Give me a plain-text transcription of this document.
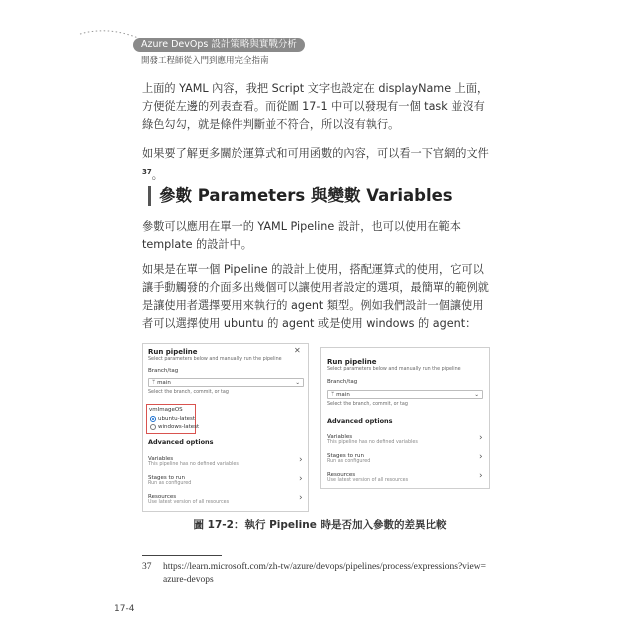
Azure DevOps 設計策略與實戰分析
開發工程師從入門到應用完全指南

上面的 YAML 內容，我把 Script 文字也設定在 displayName 上面，方便從左邊的列表查看。而從圖 17-1 中可以發現有一個 task 並沒有綠色勾勾，就是條件判斷並不符合，所以沒有執行。

如果要了解更多關於運算式和可用函數的內容，可以看一下官網的文件 $^{37}$。

參數 Parameters 與變數 Variables

參數可以應用在單一的 YAML Pipeline 設計，也可以使用在範本 template 的設計中。

如果是在單一個 Pipeline 的設計上使用，搭配運算式的使用，它可以讓手動觸發的介面多出幾個可以讓使用者設定的選項，最簡單的範例就是讓使用者選擇要用來執行的 agent 類型。例如我們設計一個讓使用者可以選擇使用 ubuntu 的 agent 或是使用 windows 的 agent：

Run pipeline	✕
Select parameters below and manually run the pipeline
Branch/tag
ᛘ main	⌄
Select the branch, commit, or tag
vmImageOS
ubuntu-latest
windows-latest
Advanced options
Variables
This pipeline has no defined variables	›
Stages to run
Run as configured	›
Resources
Use latest version of all resources	›
Run pipeline
Select parameters below and manually run the pipeline
Branch/tag
ᛘ main	⌄
Select the branch, commit, or tag
Advanced options
Variables
This pipeline has no defined variables	›
Stages to run
Run as configured	›
Resources
Use latest version of all resources	›
圖 17-2：執行 Pipeline 時是否加入參數的差異比較
37 https://learn.microsoft.com/zh-tw/azure/devops/pipelines/process/expressions?view=
azure-devops
17-4
